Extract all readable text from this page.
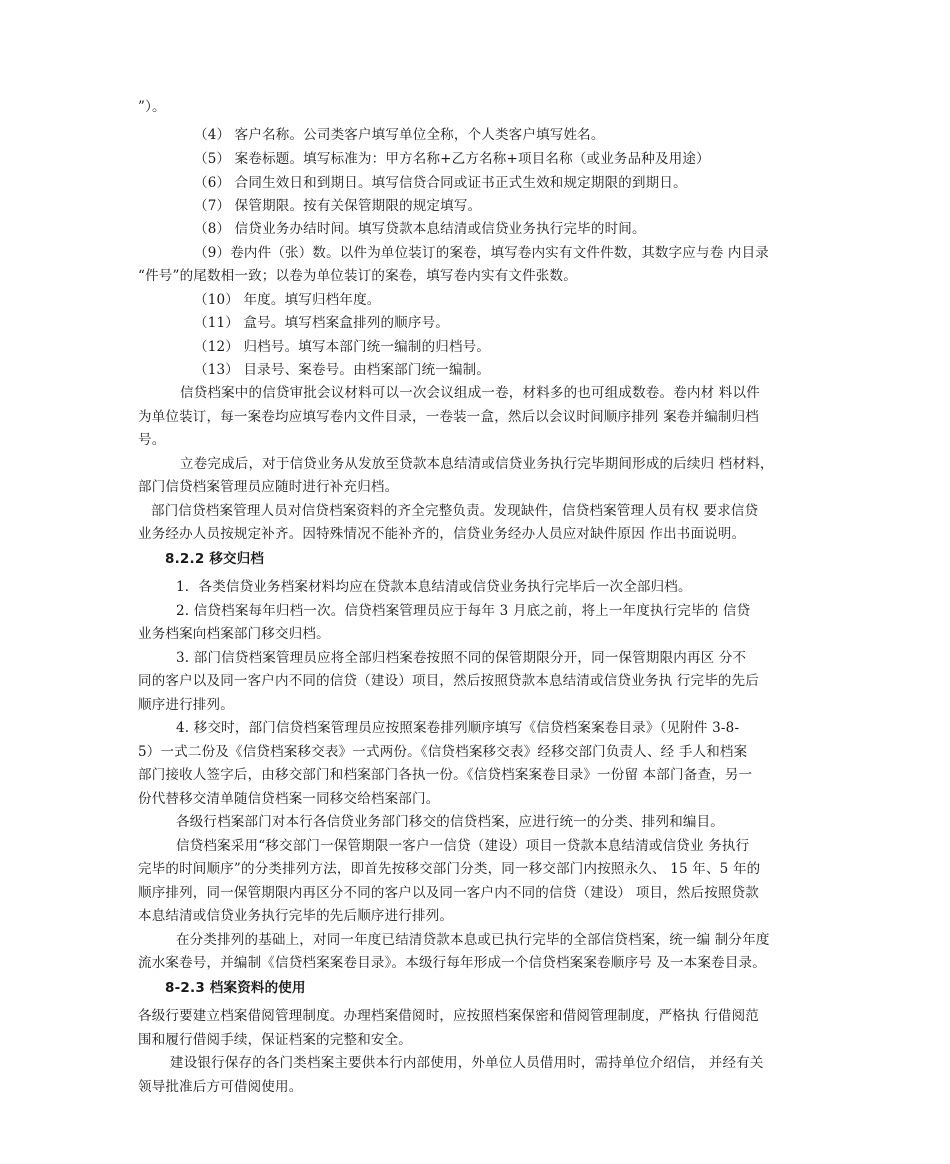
”）。

（4） 客户名称。公司类客户填写单位全称，个人类客户填写姓名。

（5） 案卷标题。填写标准为：甲方名称+乙方名称+项目名称（或业务品种及用途）

（6） 合同生效日和到期日。填写信贷合同或证书正式生效和规定期限的到期日。

（7） 保管期限。按有关保管期限的规定填写。

（8） 信贷业务办结时间。填写贷款本息结清或信贷业务执行完毕的时间。

（9）卷内件（张）数。以件为单位装订的案卷，填写卷内实有文件件数，其数字应与卷 内目录

“件号”的尾数相一致；以卷为单位装订的案卷，填写卷内实有文件张数。

（10） 年度。填写归档年度。

（11） 盒号。填写档案盒排列的顺序号。

（12） 归档号。填写本部门统一编制的归档号。

（13） 目录号、案卷号。由档案部门统一编制。

信贷档案中的信贷审批会议材料可以一次会议组成一卷，材料多的也可组成数卷。卷内材 料以件

为单位装订，每一案卷均应填写卷内文件目录，一卷装一盒，然后以会议时间顺序排列 案卷并编制归档

号。

立卷完成后，对于信贷业务从发放至贷款本息结清或信贷业务执行完毕期间形成的后续归 档材料，

部门信贷档案管理员应随时进行补充归档。

部门信贷档案管理人员对信贷档案资料的齐全完整负责。发现缺件，信贷档案管理人员有权 要求信贷

业务经办人员按规定补齐。因特殊情况不能补齐的，信贷业务经办人员应对缺件原因 作出书面说明。

8.2.2 移交归档

1．各类信贷业务档案材料均应在贷款本息结清或信贷业务执行完毕后一次全部归档。

2. 信贷档案每年归档一次。信贷档案管理员应于每年 3 月底之前，将上一年度执行完毕的 信贷

业务档案向档案部门移交归档。

3. 部门信贷档案管理员应将全部归档案卷按照不同的保管期限分开，同一保管期限内再区 分不

同的客户以及同一客户内不同的信贷（建设）项目，然后按照贷款本息结清或信贷业务执 行完毕的先后

顺序进行排列。

4. 移交时，部门信贷档案管理员应按照案卷排列顺序填写《信贷档案案卷目录》（见附件 3-8-

5）一式二份及《信贷档案移交表》一式两份。《信贷档案移交表》经移交部门负责人、经 手人和档案

部门接收人签字后，由移交部门和档案部门各执一份。《信贷档案案卷目录》一份留 本部门备查，另一

份代替移交清单随信贷档案一同移交给档案部门。

各级行档案部门对本行各信贷业务部门移交的信贷档案，应进行统一的分类、排列和编目。

信贷档案采用“移交部门一保管期限一客户一信贷（建设）项目一贷款本息结清或信贷业 务执行

完毕的时间顺序”的分类排列方法，即首先按移交部门分类，同一移交部门内按照永久、 15 年、5 年的

顺序排列，同一保管期限内再区分不同的客户以及同一客户内不同的信贷（建设） 项目，然后按照贷款

本息结清或信贷业务执行完毕的先后顺序进行排列。

在分类排列的基础上，对同一年度已结清贷款本息或已执行完毕的全部信贷档案，统一编 制分年度

流水案卷号，并编制《信贷档案案卷目录》。本级行每年形成一个信贷档案案卷顺序号 及一本案卷目录。

8-2.3 档案资料的使用

各级行要建立档案借阅管理制度。办理档案借阅时，应按照档案保密和借阅管理制度，严格执 行借阅范

围和履行借阅手续，保证档案的完整和安全。

建设银行保存的各门类档案主要供本行内部使用，外单位人员借用时，需持单位介绍信， 并经有关

领导批准后方可借阅使用。
